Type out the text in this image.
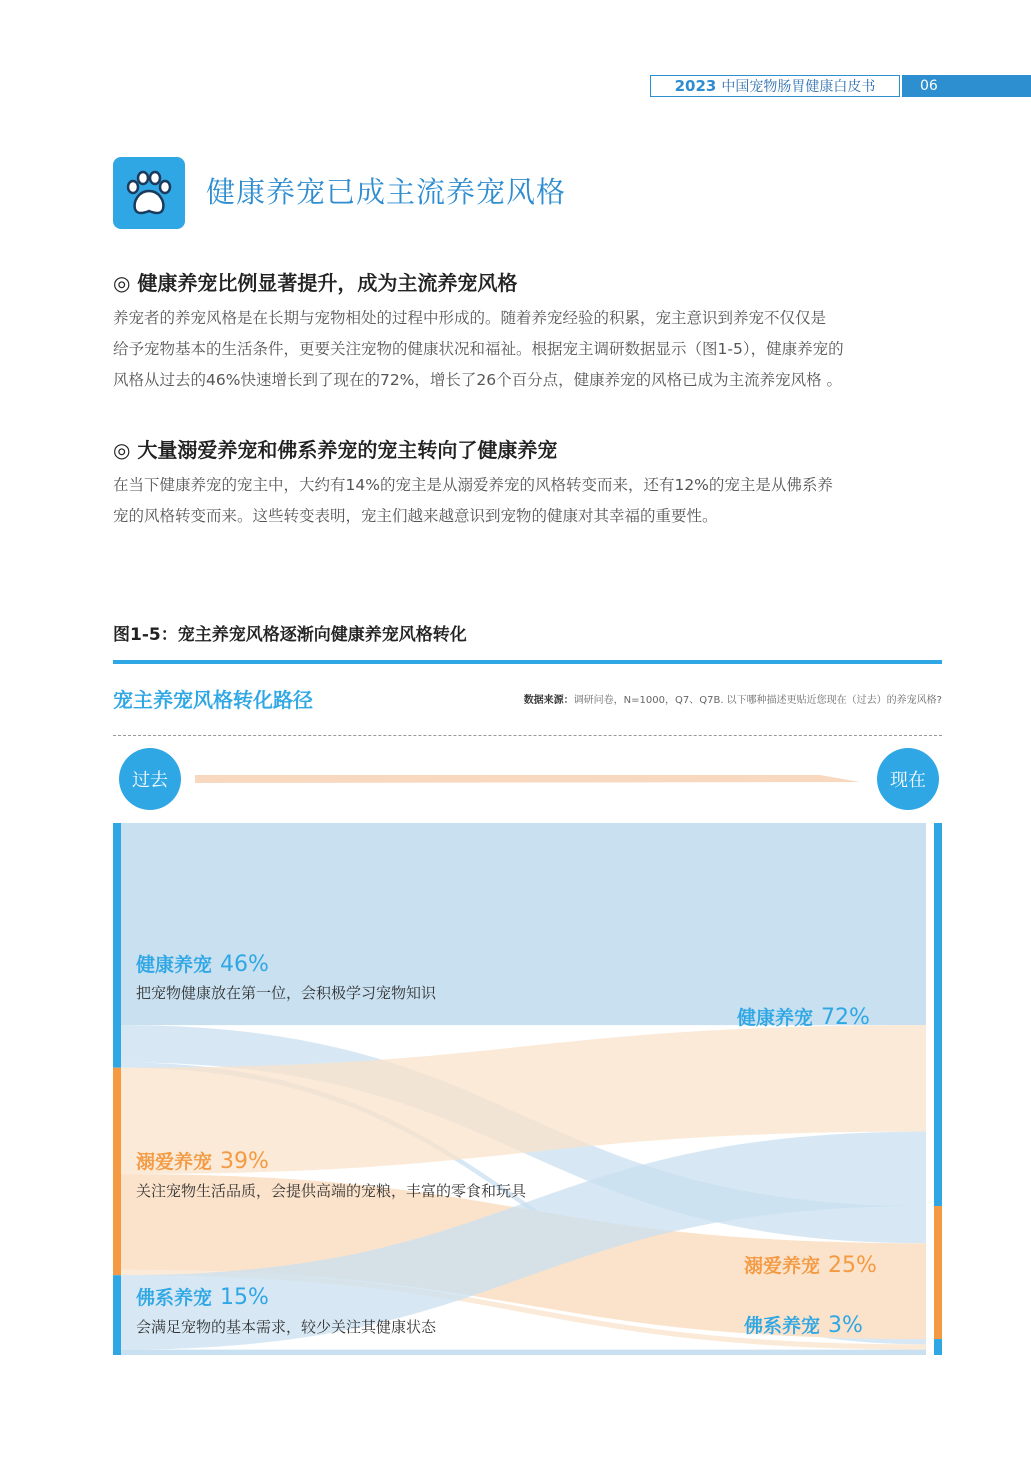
2023 中国宠物肠胃健康白皮书	06
健康养宠已成主流养宠风格
◎ 健康养宠比例显著提升，成为主流养宠风格
养宠者的养宠风格是在长期与宠物相处的过程中形成的。随着养宠经验的积累，宠主意识到养宠不仅仅是
给予宠物基本的生活条件，更要关注宠物的健康状况和福祉。根据宠主调研数据显示（图1-5），健康养宠的
风格从过去的46%快速增长到了现在的72%，增长了26个百分点，健康养宠的风格已成为主流养宠风格 。
◎ 大量溺爱养宠和佛系养宠的宠主转向了健康养宠
在当下健康养宠的宠主中，大约有14%的宠主是从溺爱养宠的风格转变而来，还有12%的宠主是从佛系养
宠的风格转变而来。这些转变表明，宠主们越来越意识到宠物的健康对其幸福的重要性。
图1-5：宠主养宠风格逐渐向健康养宠风格转化
宠主养宠风格转化路径	数据来源：调研问卷，N=1000，Q7、Q7B. 以下哪种描述更贴近您现在（过去）的养宠风格?
过去	现在
健康养宠 46%
把宠物健康放在第一位，会积极学习宠物知识
溺爱养宠 39%
关注宠物生活品质，会提供高端的宠粮，丰富的零食和玩具
佛系养宠 15%
会满足宠物的基本需求，较少关注其健康状态
健康养宠 72%
溺爱养宠 25%
佛系养宠 3%
